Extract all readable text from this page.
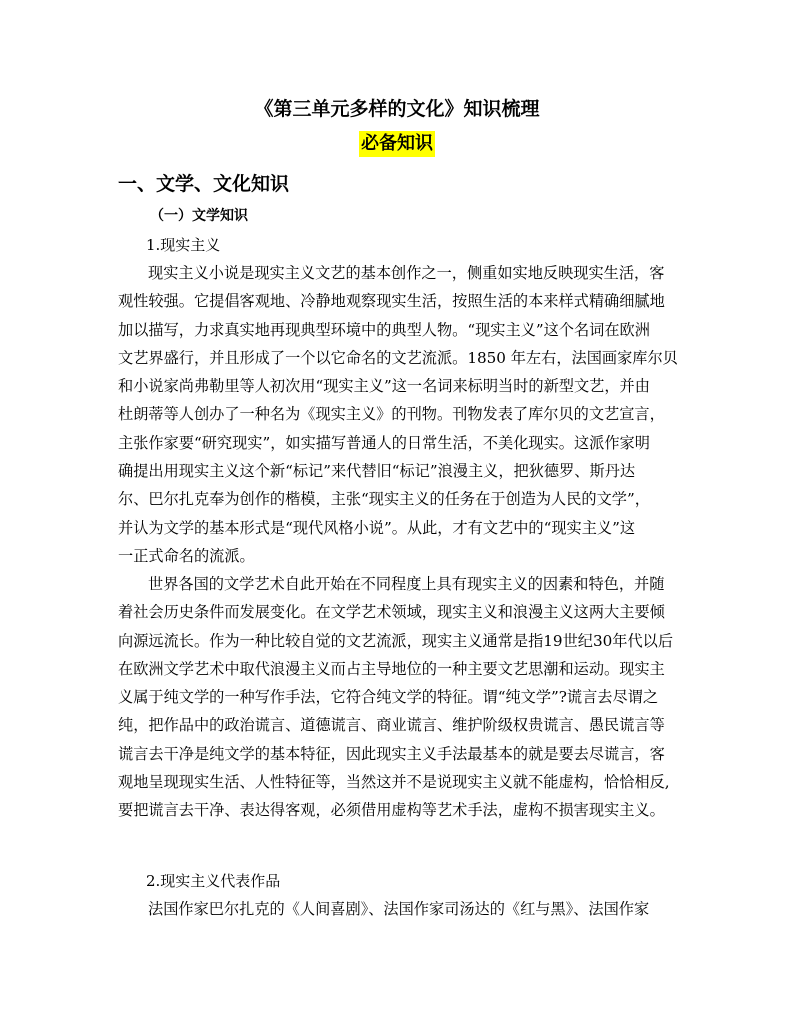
《第三单元多样的文化》知识梳理
必备知识
一、文学、文化知识
（一）文学知识
1.现实主义
现实主义小说是现实主义文艺的基本创作之一，侧重如实地反映现实生活，客
观性较强。它提倡客观地、冷静地观察现实生活，按照生活的本来样式精确细腻地
加以描写，力求真实地再现典型环境中的典型人物。“现实主义”这个名词在欧洲
文艺界盛行，并且形成了一个以它命名的文艺流派。1850 年左右，法国画家库尔贝
和小说家尚弗勒里等人初次用“现实主义”这一名词来标明当时的新型文艺，并由
杜朗蒂等人创办了一种名为《现实主义》的刊物。刊物发表了库尔贝的文艺宣言，
主张作家要“研究现实”，如实描写普通人的日常生活，不美化现实。这派作家明
确提出用现实主义这个新“标记”来代替旧“标记”浪漫主义，把狄德罗、斯丹达
尔、巴尔扎克奉为创作的楷模，主张“现实主义的任务在于创造为人民的文学”，
并认为文学的基本形式是“现代风格小说”。从此，才有文艺中的“现实主义”这
一正式命名的流派。
世界各国的文学艺术自此开始在不同程度上具有现实主义的因素和特色，并随
着社会历史条件而发展变化。在文学艺术领域，现实主义和浪漫主义这两大主要倾
向源远流长。作为一种比较自觉的文艺流派，现实主义通常是指19世纪30年代以后
在欧洲文学艺术中取代浪漫主义而占主导地位的一种主要文艺思潮和运动。现实主
义属于纯文学的一种写作手法，它符合纯文学的特征。谓“纯文学”?谎言去尽谓之
纯，把作品中的政治谎言、道德谎言、商业谎言、维护阶级权贵谎言、愚民谎言等
谎言去干净是纯文学的基本特征，因此现实主义手法最基本的就是要去尽谎言，客
观地呈现现实生活、人性特征等，当然这并不是说现实主义就不能虚构，恰恰相反,
要把谎言去干净、表达得客观，必须借用虚构等艺术手法，虚构不损害现实主义。
2.现实主义代表作品
法国作家巴尔扎克的《人间喜剧》、法国作家司汤达的《红与黑》、法国作家
